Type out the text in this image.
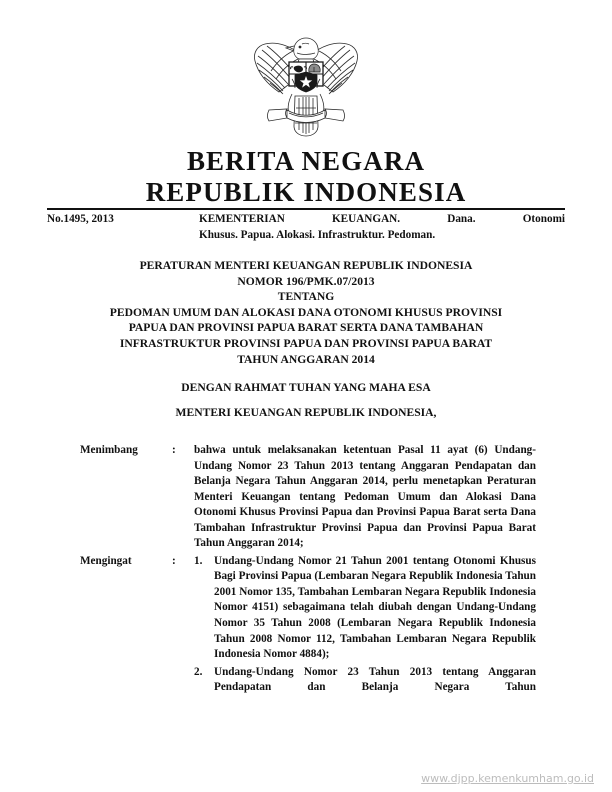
BERITA NEGARA
REPUBLIK INDONESIA
No.1495, 2013	KEMENTERIAN KEUANGAN. Dana. Otonomi
Khusus. Papua. Alokasi. Infrastruktur. Pedoman.
PERATURAN MENTERI KEUANGAN REPUBLIK INDONESIA
NOMOR 196/PMK.07/2013
TENTANG
PEDOMAN UMUM DAN ALOKASI DANA OTONOMI KHUSUS PROVINSI
PAPUA DAN PROVINSI PAPUA BARAT SERTA DANA TAMBAHAN
INFRASTRUKTUR PROVINSI PAPUA DAN PROVINSI PAPUA BARAT
TAHUN ANGGARAN 2014
DENGAN RAHMAT TUHAN YANG MAHA ESA
MENTERI KEUANGAN REPUBLIK INDONESIA,
Menimbang	:	bahwa untuk melaksanakan ketentuan Pasal 11 ayat (6) Undang-Undang Nomor 23 Tahun 2013 tentang Anggaran Pendapatan dan Belanja Negara Tahun Anggaran 2014, perlu menetapkan Peraturan Menteri Keuangan tentang Pedoman Umum dan Alokasi Dana Otonomi Khusus Provinsi Papua dan Provinsi Papua Barat serta Dana Tambahan Infrastruktur Provinsi Papua dan Provinsi Papua Barat Tahun Anggaran 2014;

Mengingat	:	1.	Undang-Undang Nomor 21 Tahun 2001 tentang Otonomi Khusus Bagi Provinsi Papua (Lembaran Negara Republik Indonesia Tahun 2001 Nomor 135, Tambahan Lembaran Negara Republik Indonesia Nomor 4151) sebagaimana telah diubah dengan Undang-Undang Nomor 35 Tahun 2008 (Lembaran Negara Republik Indonesia Tahun 2008 Nomor 112, Tambahan Lembaran Negara Republik Indonesia Nomor 4884);
2.	Undang-Undang Nomor 23 Tahun 2013 tentang Anggaran Pendapatan dan Belanja Negara Tahun
www.djpp.kemenkumham.go.id
